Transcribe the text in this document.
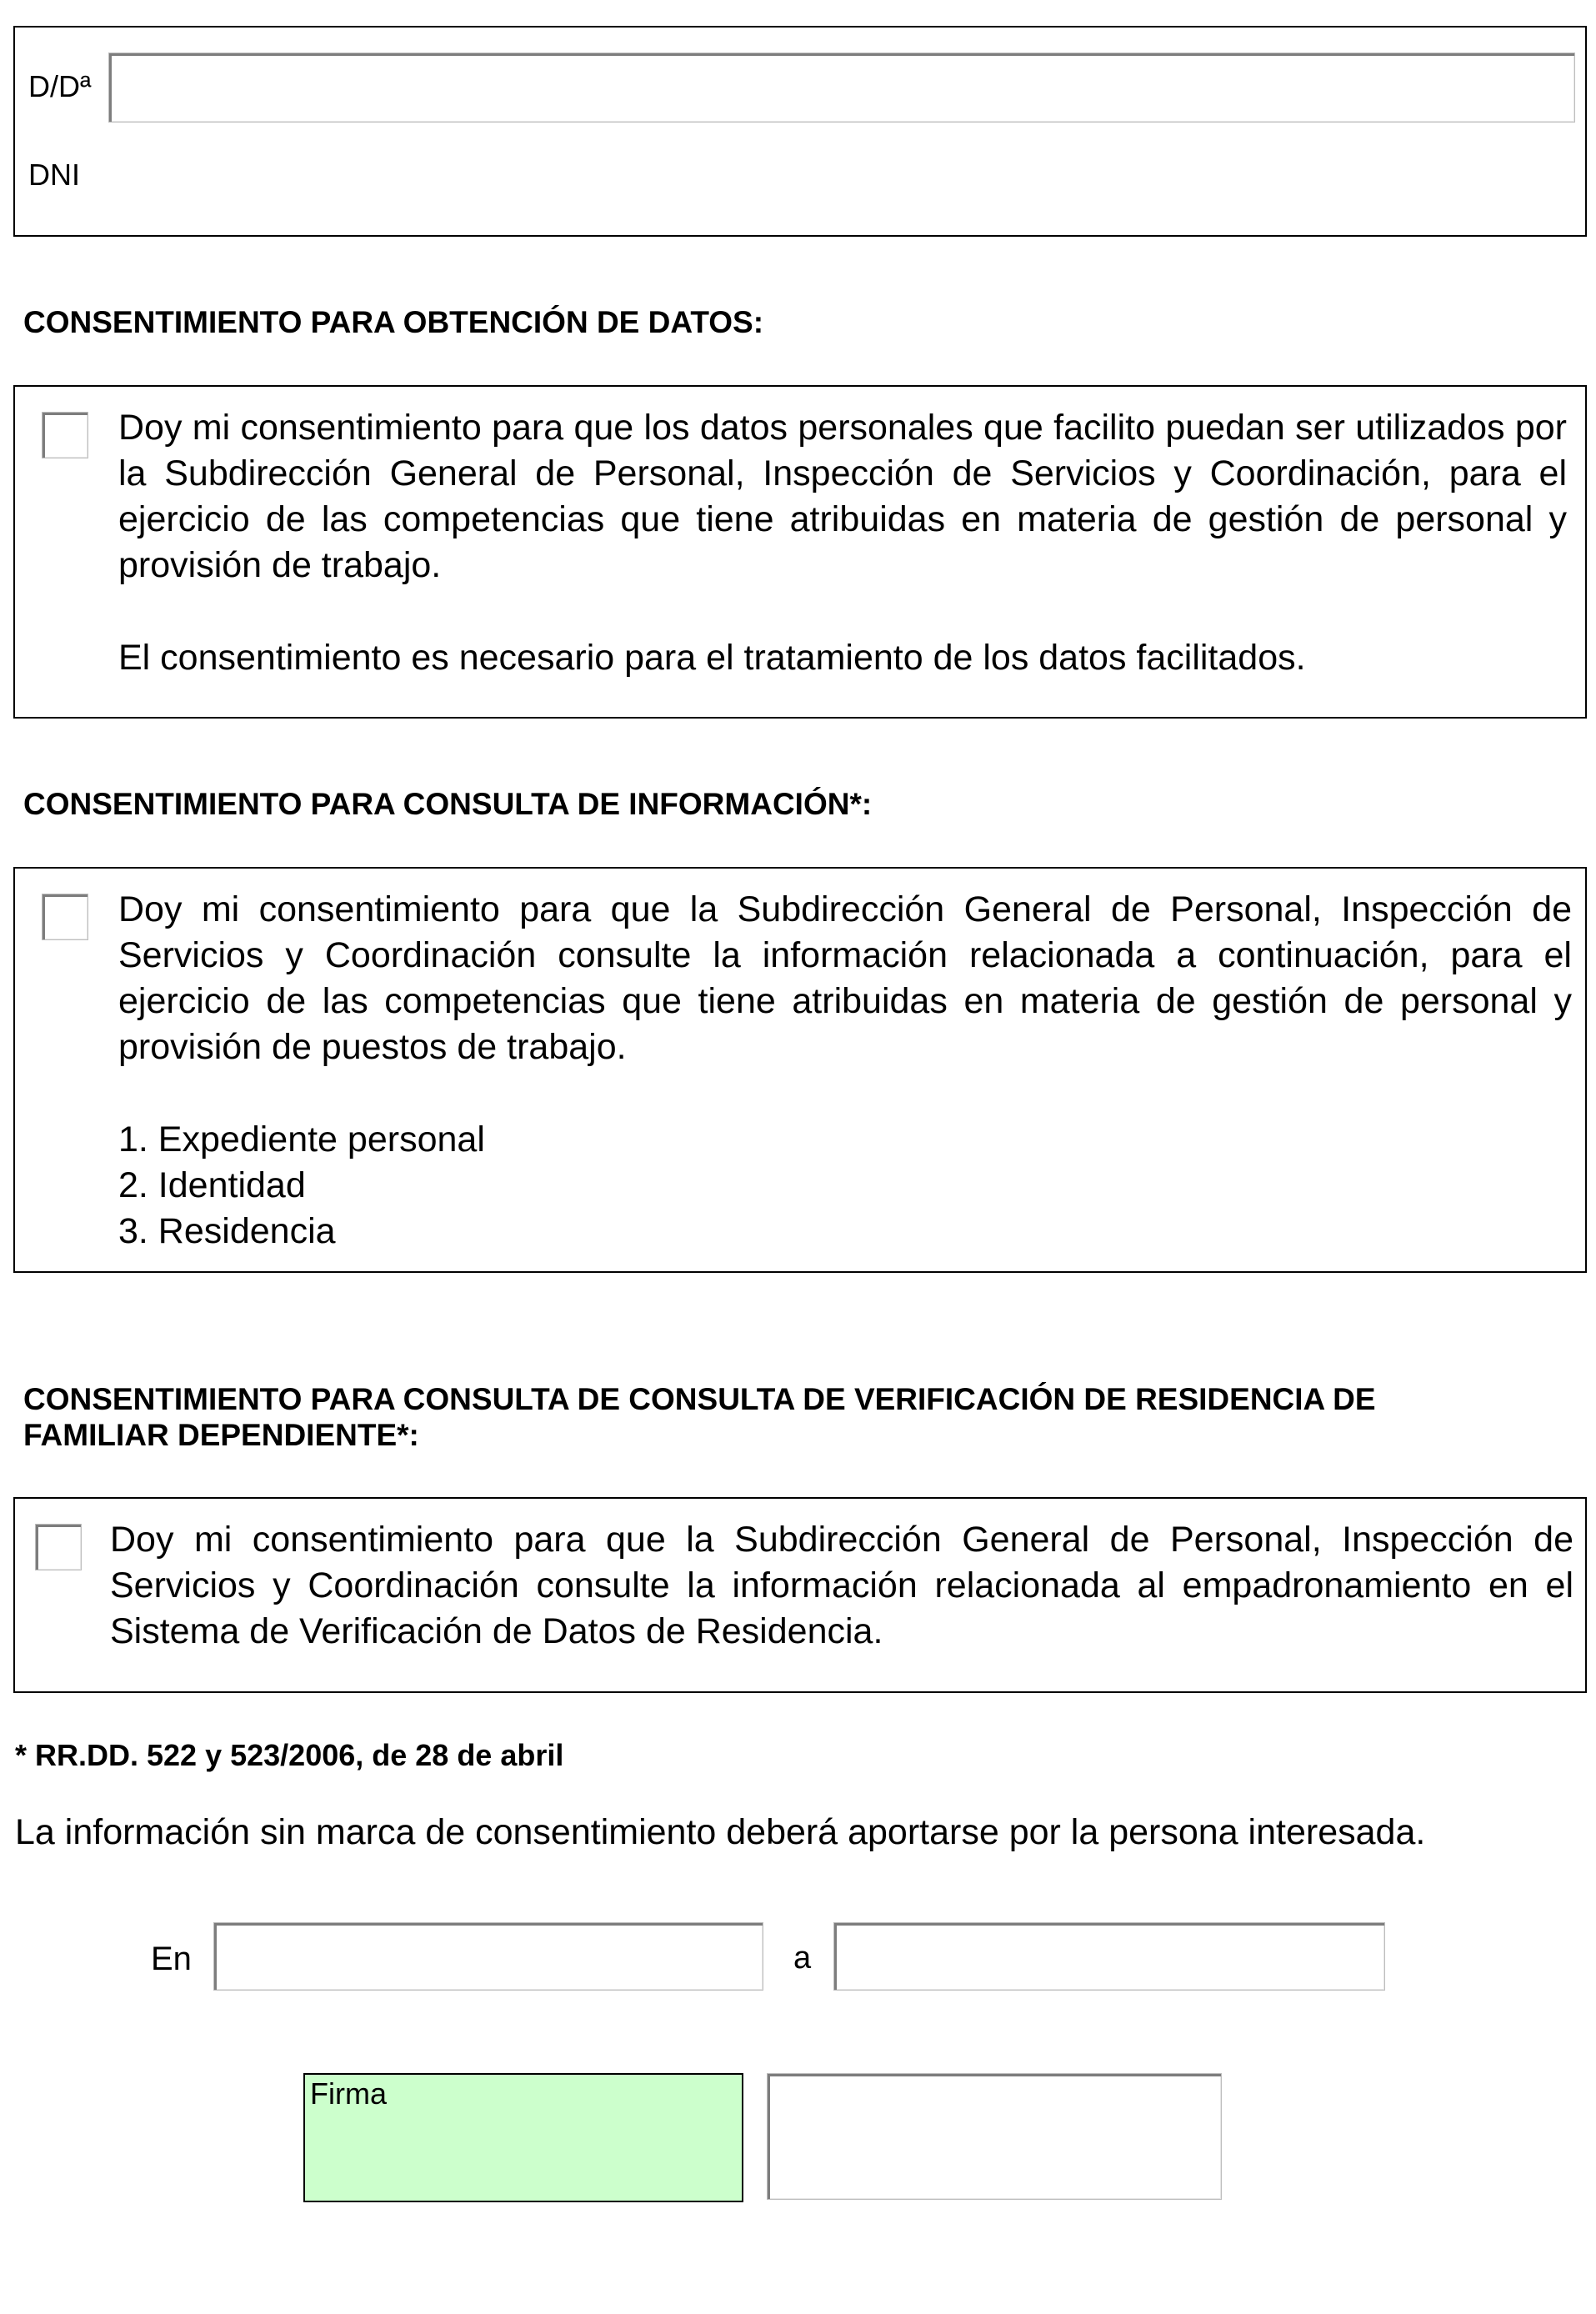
D/Dª
DNI
CONSENTIMIENTO PARA OBTENCIÓN DE DATOS:
Doy mi consentimiento para que los datos personales que facilito puedan ser utilizados por la Subdirección General de Personal, Inspección de Servicios y Coordinación, para el ejercicio de las competencias que tiene atribuidas en materia de gestión de personal y provisión de trabajo.
El consentimiento es necesario para el tratamiento de los datos facilitados.
CONSENTIMIENTO PARA CONSULTA DE INFORMACIÓN*:
Doy mi consentimiento para que la Subdirección General de Personal, Inspección de Servicios y Coordinación consulte la información relacionada a continuación, para el ejercicio de las competencias que tiene atribuidas en materia de gestión de personal y provisión de puestos de trabajo.
1. Expediente personal
2. Identidad
3. Residencia
CONSENTIMIENTO PARA CONSULTA DE CONSULTA DE VERIFICACIÓN DE RESIDENCIA DE
FAMILIAR DEPENDIENTE*:
Doy mi consentimiento para que la Subdirección General de Personal, Inspección de Servicios y Coordinación consulte la información relacionada al empadronamiento en el Sistema de Verificación de Datos de Residencia.
* RR.DD. 522 y 523/2006, de 28 de abril
La información sin marca de consentimiento deberá aportarse por la persona interesada.
En	a
Firma
